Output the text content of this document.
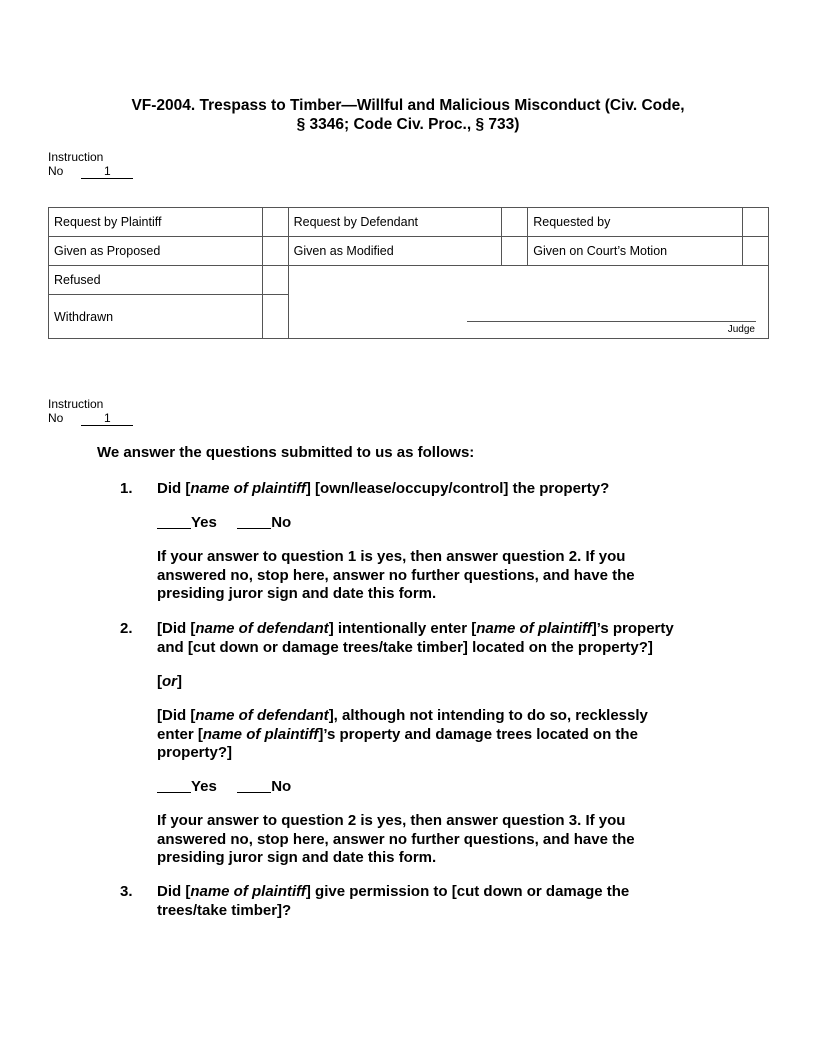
VF-2004. Trespass to Timber—Willful and Malicious Misconduct (Civ. Code,
§ 3346; Code Civ. Proc., § 733)
Instruction
No	1
Request by Plaintiff		Request by Defendant		Requested by	
Given as Proposed		Given as Modified		Given on Court’s Motion	
Refused		Judge			

Withdrawn					
Instruction
No	1
We answer the questions submitted to us as follows:
1. Did [name of plaintiff] [own/lease/occupy/control] the property?
Yes	No
If your answer to question 1 is yes, then answer question 2. If you
answered no, stop here, answer no further questions, and have the
presiding juror sign and date this form.
2. [Did [name of defendant] intentionally enter [name of plaintiff]’s property
and [cut down or damage trees/take timber] located on the property?]
[or]
[Did [name of defendant], although not intending to do so, recklessly
enter [name of plaintiff]’s property and damage trees located on the
property?]
Yes	No
If your answer to question 2 is yes, then answer question 3. If you
answered no, stop here, answer no further questions, and have the
presiding juror sign and date this form.
3. Did [name of plaintiff] give permission to [cut down or damage the
trees/take timber]?
